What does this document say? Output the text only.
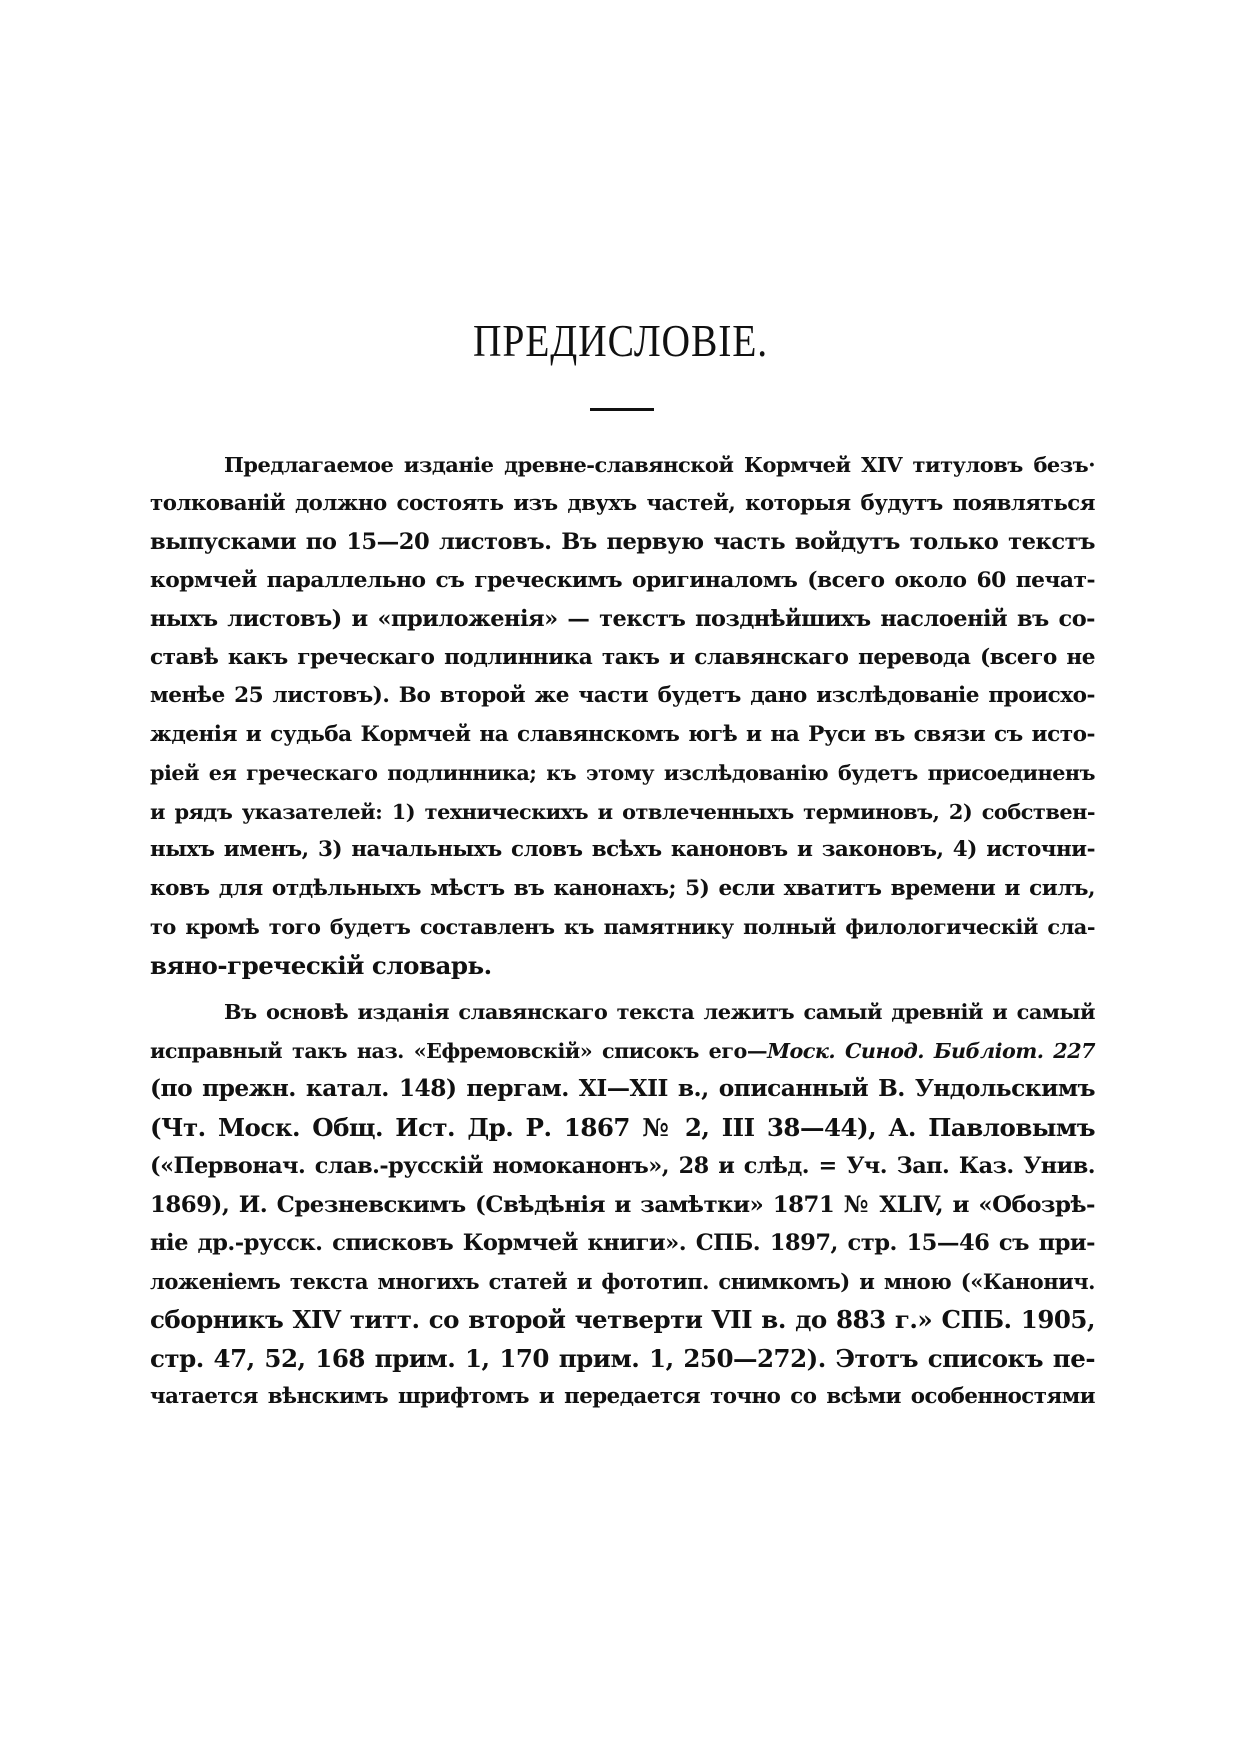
ПРЕДИСЛОВІЕ.
Предлагаемое изданіе древне-славянской Кормчей XIV титуловъ безъ·
толкованій должно состоять изъ двухъ частей, которыя будутъ появляться
выпусками по 15—20 листовъ. Въ первую часть войдутъ только текстъ
кормчей параллельно съ греческимъ оригиналомъ (всего около 60 печат-
ныхъ листовъ) и «приложенія» — текстъ позднѣйшихъ наслоеній въ со-
ставѣ какъ греческаго подлинника такъ и славянскаго перевода (всего не
менѣе 25 листовъ). Во второй же части будетъ дано изслѣдованіе происхо-
жденія и судьба Кормчей на славянскомъ югѣ и на Руси въ связи съ исто-
ріей ея греческаго подлинника; къ этому изслѣдованію будетъ присоединенъ
и рядъ указателей: 1) техническихъ и отвлеченныхъ терминовъ, 2) собствен-
ныхъ именъ, 3) начальныхъ словъ всѣхъ каноновъ и законовъ, 4) источни-
ковъ для отдѣльныхъ мѣстъ въ канонахъ; 5) если хватитъ времени и силъ,
то кромѣ того будетъ составленъ къ памятнику полный филологическій сла-
вяно-греческій словарь.
Въ основѣ изданія славянскаго текста лежитъ самый древній и самый
исправный такъ наз. «Ефремовскій» списокъ его—Моск. Синод. Библіот. 227
(по прежн. катал. 148) пергам. XI—XII в., описанный В. Ундольскимъ
(Чт. Моск. Общ. Ист. Др. Р. 1867 № 2, III 38—44), А. Павловымъ
(«Первонач. слав.-русскій номоканонъ», 28 и слѣд. = Уч. Зап. Каз. Унив.
1869), И. Срезневскимъ (Свѣдѣнія и замѣтки» 1871 № XLIV, и «Обозрѣ-
ніе др.-русск. списковъ Кормчей книги». СПБ. 1897, стр. 15—46 съ при-
ложеніемъ текста многихъ статей и фототип. снимкомъ) и мною («Канонич.
сборникъ XIV титт. со второй четверти VII в. до 883 г.» СПБ. 1905,
стр. 47, 52, 168 прим. 1, 170 прим. 1, 250—272). Этотъ списокъ пе-
чатается вѣнскимъ шрифтомъ и передается точно со всѣми особенностями
